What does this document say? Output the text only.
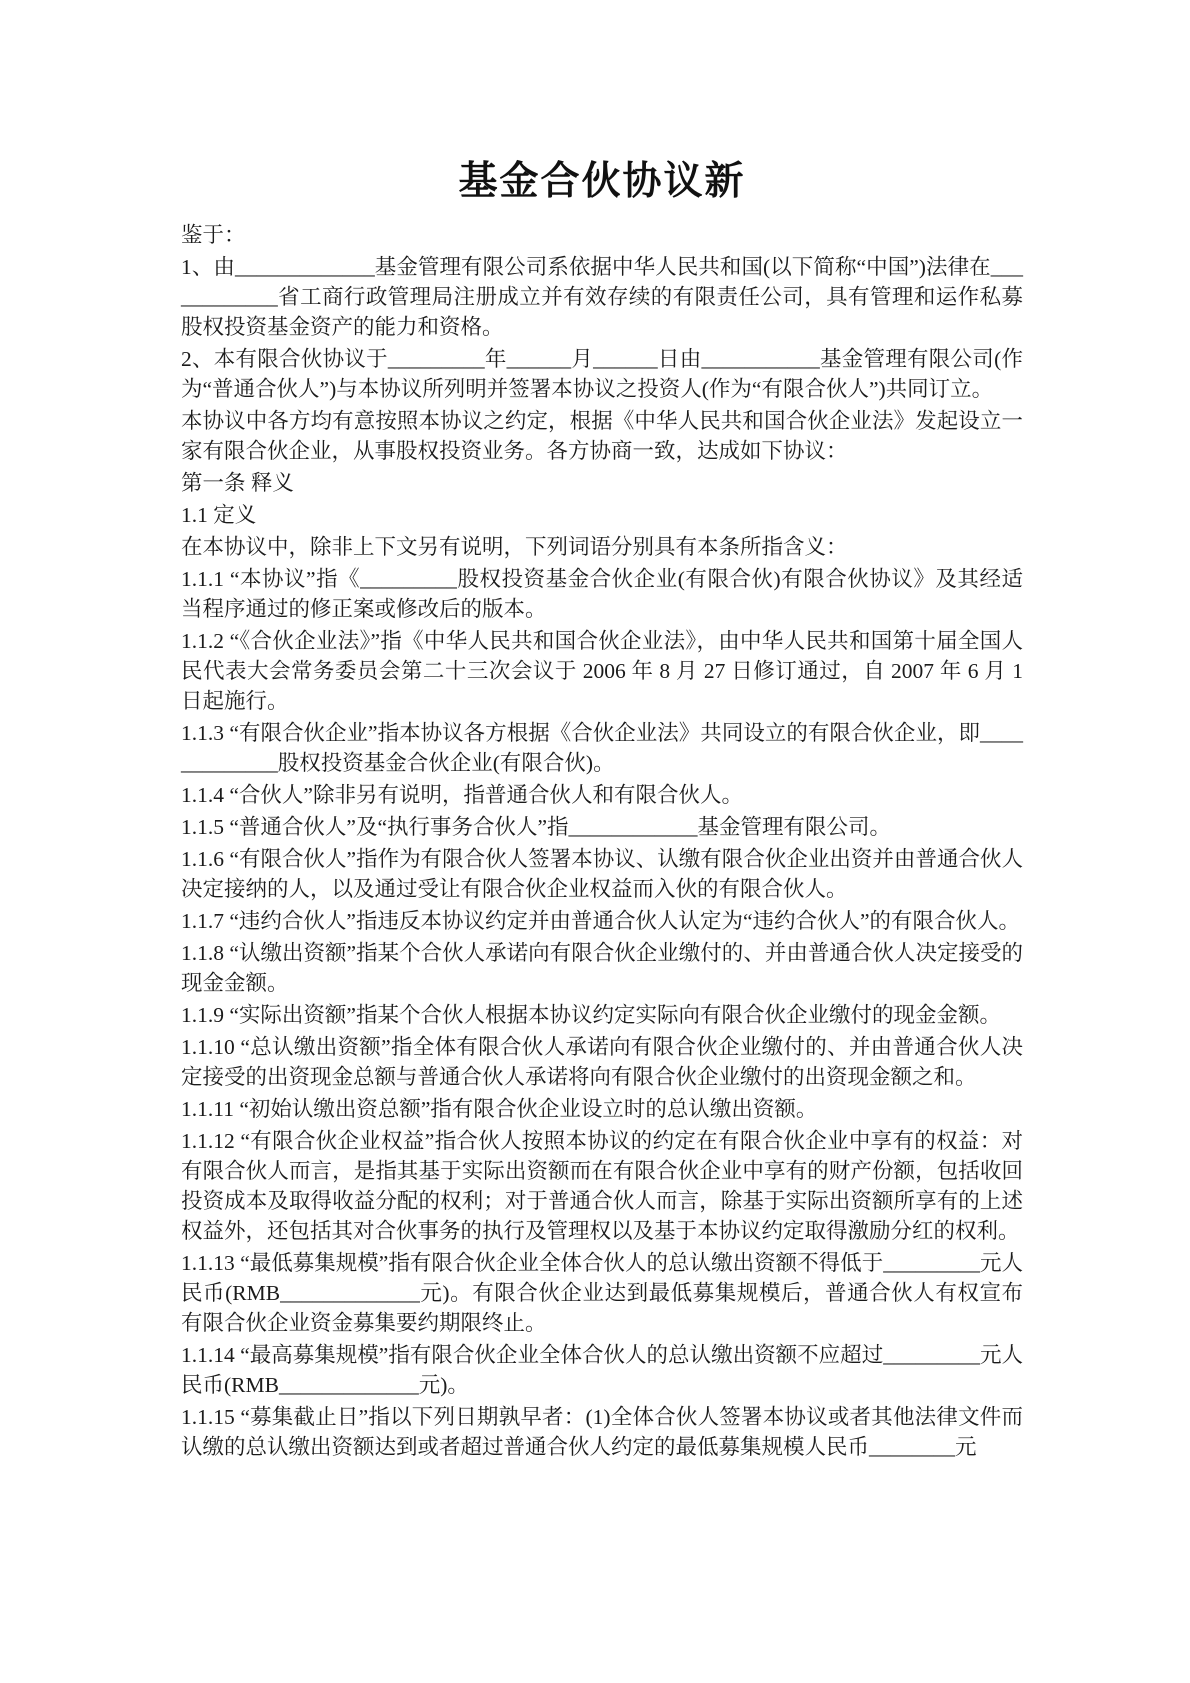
基金合伙协议新

鉴于：

1、由_____________基金管理有限公司系依据中华人民共和国(以下简称“中国”)法律在____________省工商行政管理局注册成立并有效存续的有限责任公司，具有管理和运作私募股权投资基金资产的能力和资格。

2、本有限合伙协议于_________年______月______日由___________基金管理有限公司(作为“普通合伙人”)与本协议所列明并签署本协议之投资人(作为“有限合伙人”)共同订立。

本协议中各方均有意按照本协议之约定，根据《中华人民共和国合伙企业法》发起设立一家有限合伙企业，从事股权投资业务。各方协商一致，达成如下协议：

第一条 释义

1.1 定义

在本协议中，除非上下文另有说明，下列词语分别具有本条所指含义：

1.1.1 “本协议”指《_________股权投资基金合伙企业(有限合伙)有限合伙协议》及其经适当程序通过的修正案或修改后的版本。

1.1.2 “《合伙企业法》”指《中华人民共和国合伙企业法》，由中华人民共和国第十届全国人民代表大会常务委员会第二十三次会议于 2006 年 8 月 27 日修订通过，自 2007 年 6 月 1 日起施行。

1.1.3 “有限合伙企业”指本协议各方根据《合伙企业法》共同设立的有限合伙企业，即_____________股权投资基金合伙企业(有限合伙)。

1.1.4 “合伙人”除非另有说明，指普通合伙人和有限合伙人。

1.1.5 “普通合伙人”及“执行事务合伙人”指____________基金管理有限公司。

1.1.6 “有限合伙人”指作为有限合伙人签署本协议、认缴有限合伙企业出资并由普通合伙人决定接纳的人，以及通过受让有限合伙企业权益而入伙的有限合伙人。

1.1.7 “违约合伙人”指违反本协议约定并由普通合伙人认定为“违约合伙人”的有限合伙人。

1.1.8 “认缴出资额”指某个合伙人承诺向有限合伙企业缴付的、并由普通合伙人决定接受的现金金额。

1.1.9 “实际出资额”指某个合伙人根据本协议约定实际向有限合伙企业缴付的现金金额。

1.1.10 “总认缴出资额”指全体有限合伙人承诺向有限合伙企业缴付的、并由普通合伙人决定接受的出资现金总额与普通合伙人承诺将向有限合伙企业缴付的出资现金额之和。

1.1.11 “初始认缴出资总额”指有限合伙企业设立时的总认缴出资额。

1.1.12 “有限合伙企业权益”指合伙人按照本协议的约定在有限合伙企业中享有的权益：对有限合伙人而言，是指其基于实际出资额而在有限合伙企业中享有的财产份额，包括收回投资成本及取得收益分配的权利；对于普通合伙人而言，除基于实际出资额所享有的上述权益外，还包括其对合伙事务的执行及管理权以及基于本协议约定取得激励分红的权利。

1.1.13 “最低募集规模”指有限合伙企业全体合伙人的总认缴出资额不得低于_________元人民币(RMB_____________元)。有限合伙企业达到最低募集规模后，普通合伙人有权宣布有限合伙企业资金募集要约期限终止。

1.1.14 “最高募集规模”指有限合伙企业全体合伙人的总认缴出资额不应超过_________元人民币(RMB_____________元)。

1.1.15 “募集截止日”指以下列日期孰早者：(1)全体合伙人签署本协议或者其他法律文件而认缴的总认缴出资额达到或者超过普通合伙人约定的最低募集规模人民币________元
